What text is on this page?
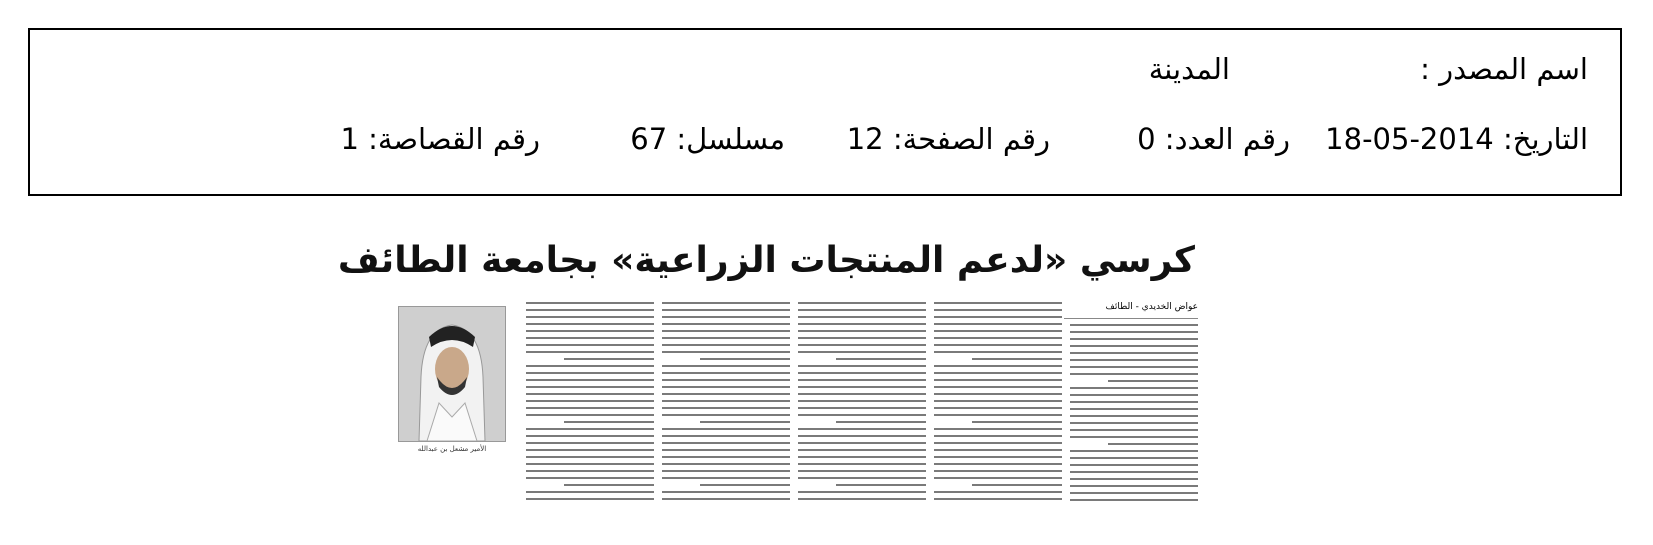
اسم المصدر :
المدينة
التاريخ: 2014-05-18
رقم العدد: 0
رقم الصفحة: 12
مسلسل: 67
رقم القصاصة: 1
كرسي «لدعم المنتجات الزراعية» بجامعة الطائف
عواض الخديدي - الطائف
الأمير مشعل بن عبدالله
